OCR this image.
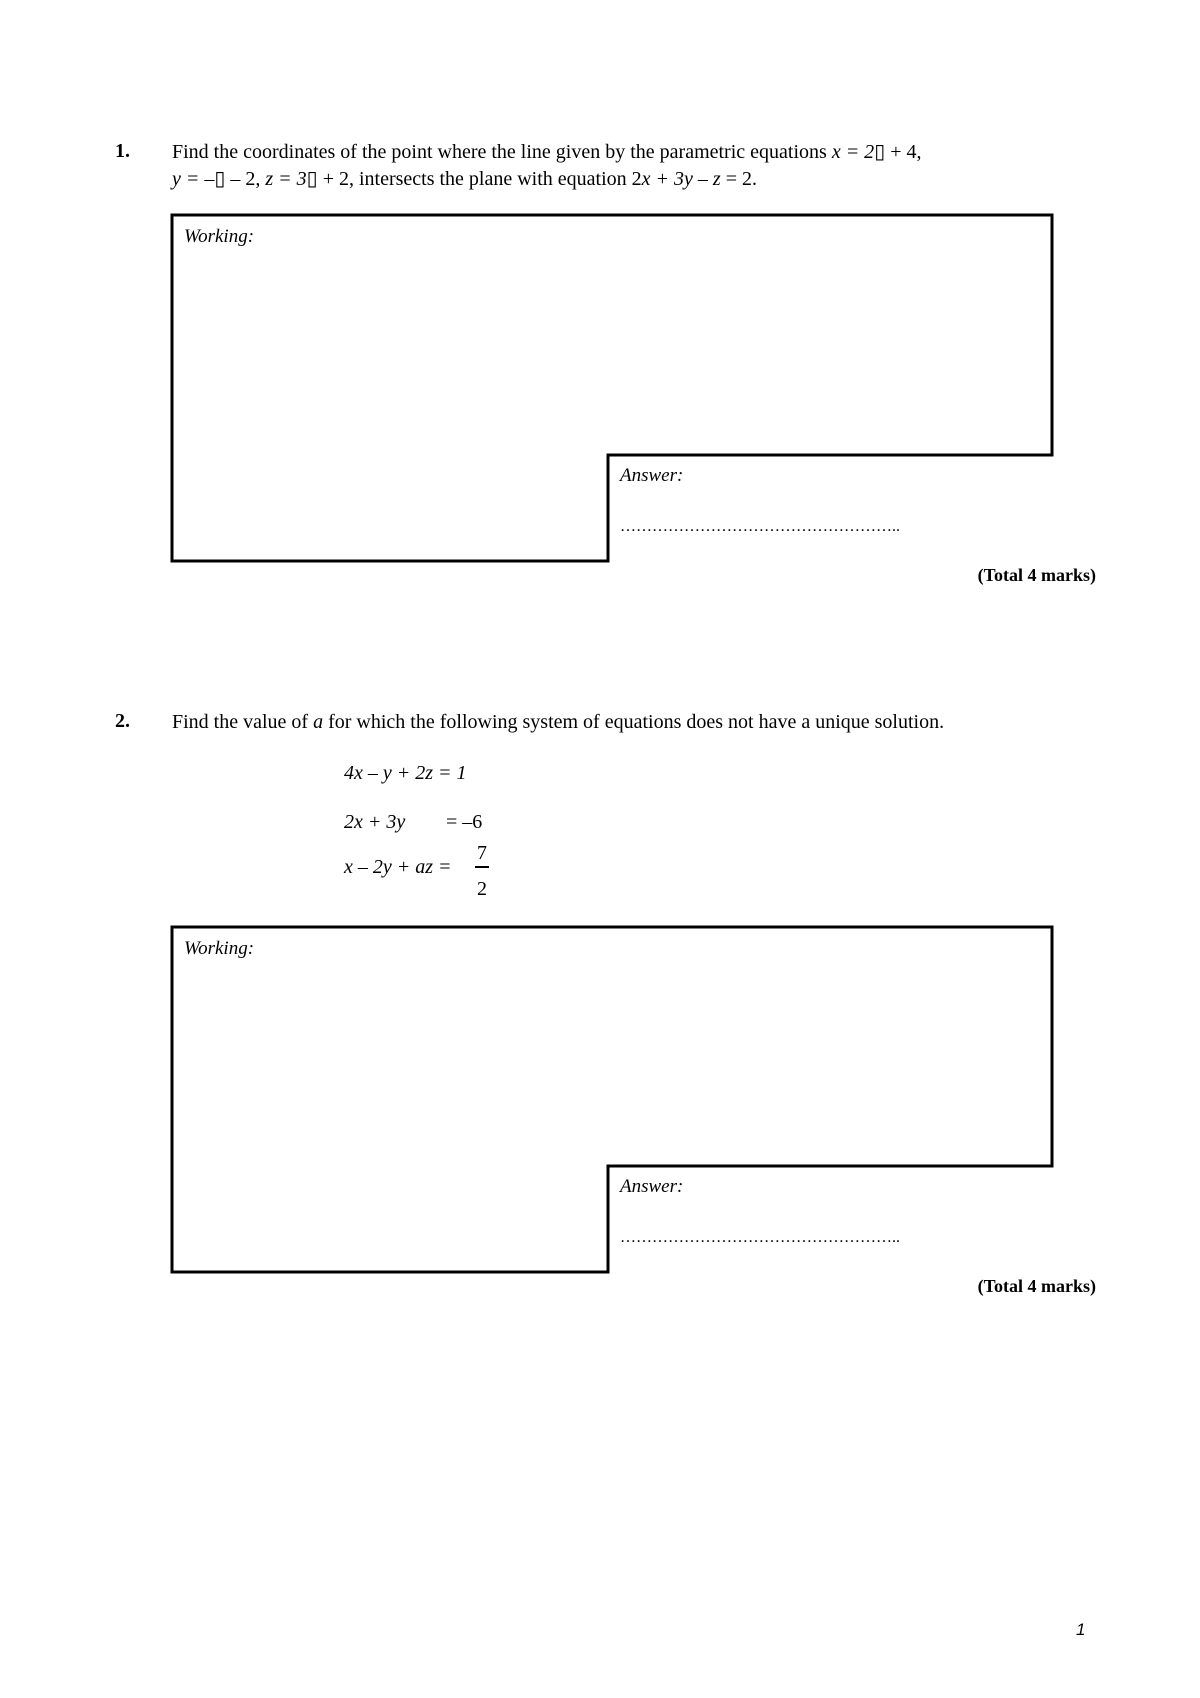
1. Find the coordinates of the point where the line given by the parametric equations x = 2▯ + 4,
y = –▯ – 2, z = 3▯ + 2, intersects the plane with equation 2x + 3y – z = 2.
Working:
Answer:
……………………………………………..
(Total 4 marks)
2. Find the value of a for which the following system of equations does not have a unique solution.
4x – y + 2z = 1
2x + 3y = –6
x – 2y + az =
7
2
Working:
Answer:
……………………………………………..
(Total 4 marks)
1
